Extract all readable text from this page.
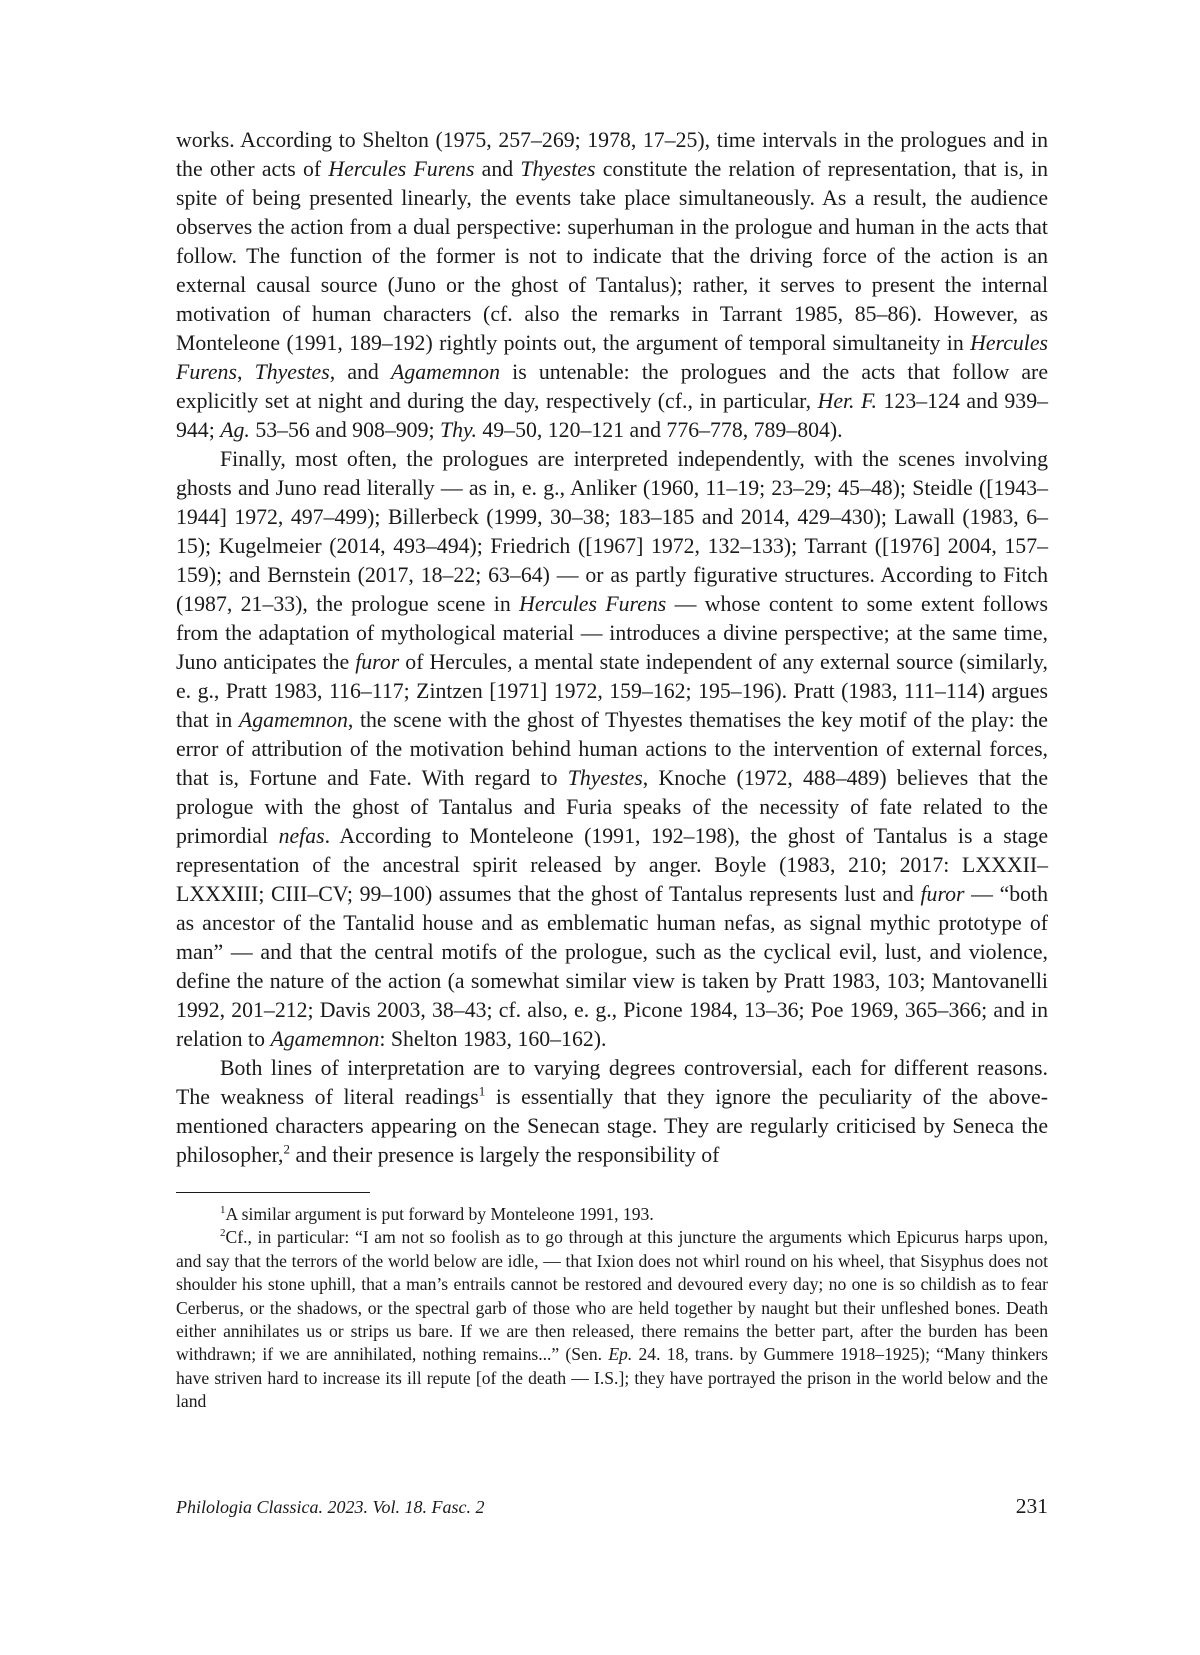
works. According to Shelton (1975, 257–269; 1978, 17–25), time intervals in the prologues and in the other acts of Hercules Furens and Thyestes constitute the relation of representation, that is, in spite of being presented linearly, the events take place simultaneously. As a result, the audience observes the action from a dual perspective: superhuman in the prologue and human in the acts that follow. The function of the former is not to indicate that the driving force of the action is an external causal source (Juno or the ghost of Tantalus); rather, it serves to present the internal motivation of human characters (cf. also the remarks in Tarrant 1985, 85–86). However, as Monteleone (1991, 189–192) rightly points out, the argument of temporal simultaneity in Hercules Furens, Thyestes, and Agamemnon is untenable: the prologues and the acts that follow are explicitly set at night and during the day, respectively (cf., in particular, Her. F. 123–124 and 939–944; Ag. 53–56 and 908–909; Thy. 49–50, 120–121 and 776–778, 789–804).

Finally, most often, the prologues are interpreted independently, with the scenes involving ghosts and Juno read literally — as in, e. g., Anliker (1960, 11–19; 23–29; 45–48); Steidle ([1943–1944] 1972, 497–499); Billerbeck (1999, 30–38; 183–185 and 2014, 429–430); Lawall (1983, 6–15); Kugelmeier (2014, 493–494); Friedrich ([1967] 1972, 132–133); Tarrant ([1976] 2004, 157–159); and Bernstein (2017, 18–22; 63–64) — or as partly figurative structures. According to Fitch (1987, 21–33), the prologue scene in Hercules Furens — whose content to some extent follows from the adaptation of mythological material — introduces a divine perspective; at the same time, Juno anticipates the furor of Hercules, a mental state independent of any external source (similarly, e. g., Pratt 1983, 116–117; Zintzen [1971] 1972, 159–162; 195–196). Pratt (1983, 111–114) argues that in Agamemnon, the scene with the ghost of Thyestes thematises the key motif of the play: the error of attribution of the motivation behind human actions to the intervention of external forces, that is, Fortune and Fate. With regard to Thyestes, Knoche (1972, 488–489) believes that the prologue with the ghost of Tantalus and Furia speaks of the necessity of fate related to the primordial nefas. According to Monteleone (1991, 192–198), the ghost of Tantalus is a stage representation of the ancestral spirit released by anger. Boyle (1983, 210; 2017: LXXXII–LXXXIII; CIII–CV; 99–100) assumes that the ghost of Tantalus represents lust and furor — “both as ancestor of the Tantalid house and as emblematic human nefas, as signal mythic prototype of man” — and that the central motifs of the prologue, such as the cyclical evil, lust, and violence, define the nature of the action (a somewhat similar view is taken by Pratt 1983, 103; Mantovanelli 1992, 201–212; Davis 2003, 38–43; cf. also, e. g., Picone 1984, 13–36; Poe 1969, 365–366; and in relation to Agamemnon: Shelton 1983, 160–162).

Both lines of interpretation are to varying degrees controversial, each for different reasons. The weakness of literal readings$^1$ is essentially that they ignore the peculiarity of the above-mentioned characters appearing on the Senecan stage. They are regularly criticised by Seneca the philosopher,$^2$ and their presence is largely the responsibility of

$^1$A similar argument is put forward by Monteleone 1991, 193.

$^2$Cf., in particular: “I am not so foolish as to go through at this juncture the arguments which Epicurus harps upon, and say that the terrors of the world below are idle, — that Ixion does not whirl round on his wheel, that Sisyphus does not shoulder his stone uphill, that a man’s entrails cannot be restored and devoured every day; no one is so childish as to fear Cerberus, or the shadows, or the spectral garb of those who are held together by naught but their unfleshed bones. Death either annihilates us or strips us bare. If we are then released, there remains the better part, after the burden has been withdrawn; if we are annihilated, nothing remains...” (Sen. Ep. 24. 18, trans. by Gummere 1918–1925); “Many thinkers have striven hard to increase its ill repute [of the death — I.S.]; they have portrayed the prison in the world below and the land

Philologia Classica. 2023. Vol. 18. Fasc. 2	231
